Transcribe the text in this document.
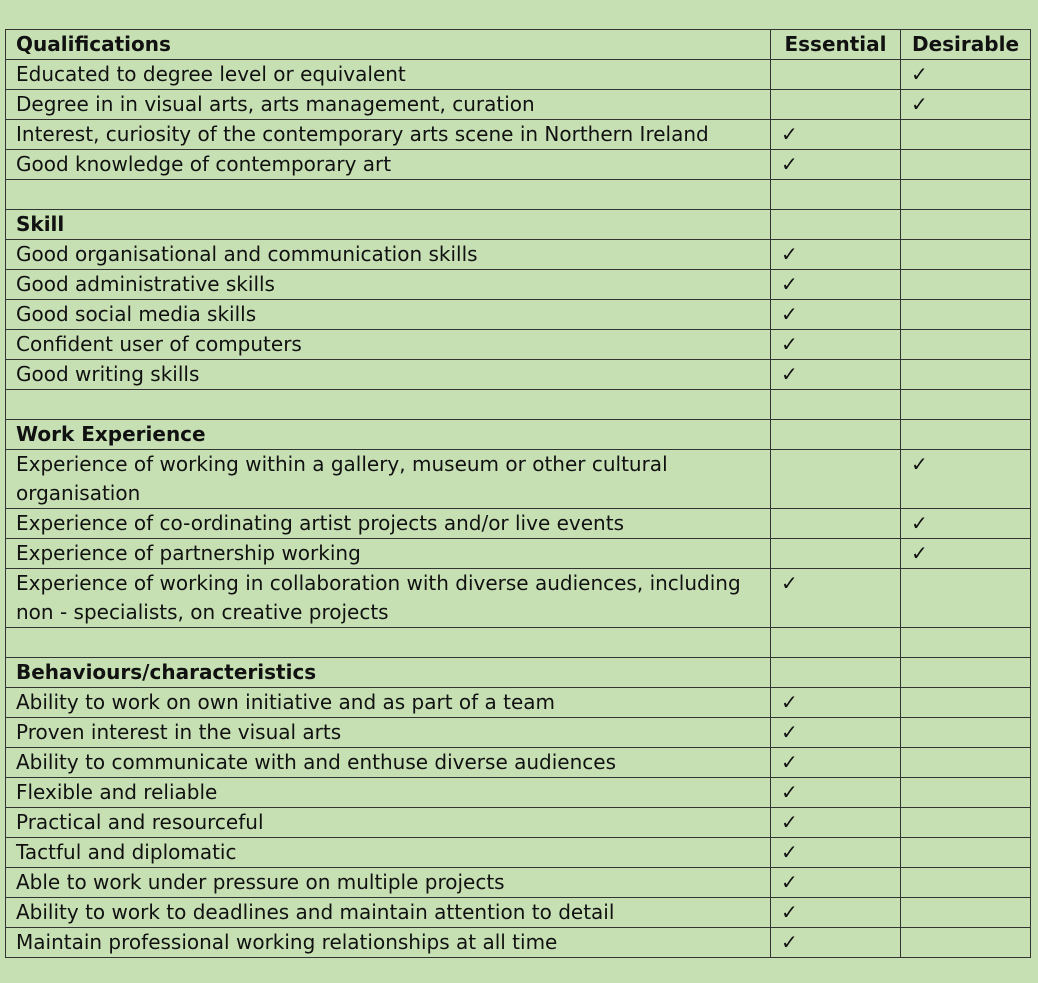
Qualifications	Essential	Desirable
Educated to degree level or equivalent		✓
Degree in in visual arts, arts management, curation		✓
Interest, curiosity of the contemporary arts scene in Northern Ireland	✓	
Good knowledge of contemporary art	✓	

Skill		
Good organisational and communication skills	✓	
Good administrative skills	✓	
Good social media skills	✓	
Confident user of computers	✓	
Good writing skills	✓	

Work Experience		
Experience of working within a gallery, museum or other cultural organisation		✓
Experience of co-ordinating artist projects and/or live events		✓
Experience of partnership working		✓
Experience of working in collaboration with diverse audiences, including non - specialists, on creative projects	✓	

Behaviours/characteristics		
Ability to work on own initiative and as part of a team	✓	
Proven interest in the visual arts	✓	
Ability to communicate with and enthuse diverse audiences	✓	
Flexible and reliable	✓	
Practical and resourceful	✓	
Tactful and diplomatic	✓	
Able to work under pressure on multiple projects	✓	
Ability to work to deadlines and maintain attention to detail	✓	
Maintain professional working relationships at all time	✓	
